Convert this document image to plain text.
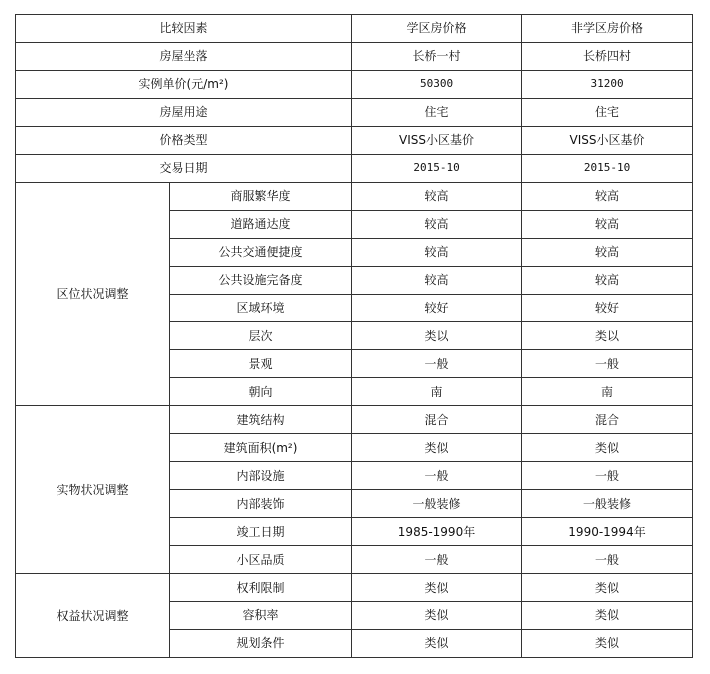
比较因素		学区房价格	非学区房价格
房屋坐落		长桥一村	长桥四村
实例单价(元/m²)		50300	31200
房屋用途		住宅	住宅
价格类型		VISS小区基价	VISS小区基价
交易日期		2015-10	2015-10
区位状况调整	商服繁华度	较高	较高
	道路通达度	较高	较高
	公共交通便捷度	较高	较高
	公共设施完备度	较高	较高
	区域环境	较好	较好
	层次	类以	类以
	景观	一般	一般
	朝向	南	南
实物状况调整	建筑结构	混合	混合
	建筑面积(m²)	类似	类似
	内部设施	一般	一般
	内部装饰	一般装修	一般装修
	竣工日期	1985-1990年	1990-1994年
	小区品质	一般	一般
权益状况调整	权利限制	类似	类似
	容积率	类似	类似
	规划条件	类似	类似
